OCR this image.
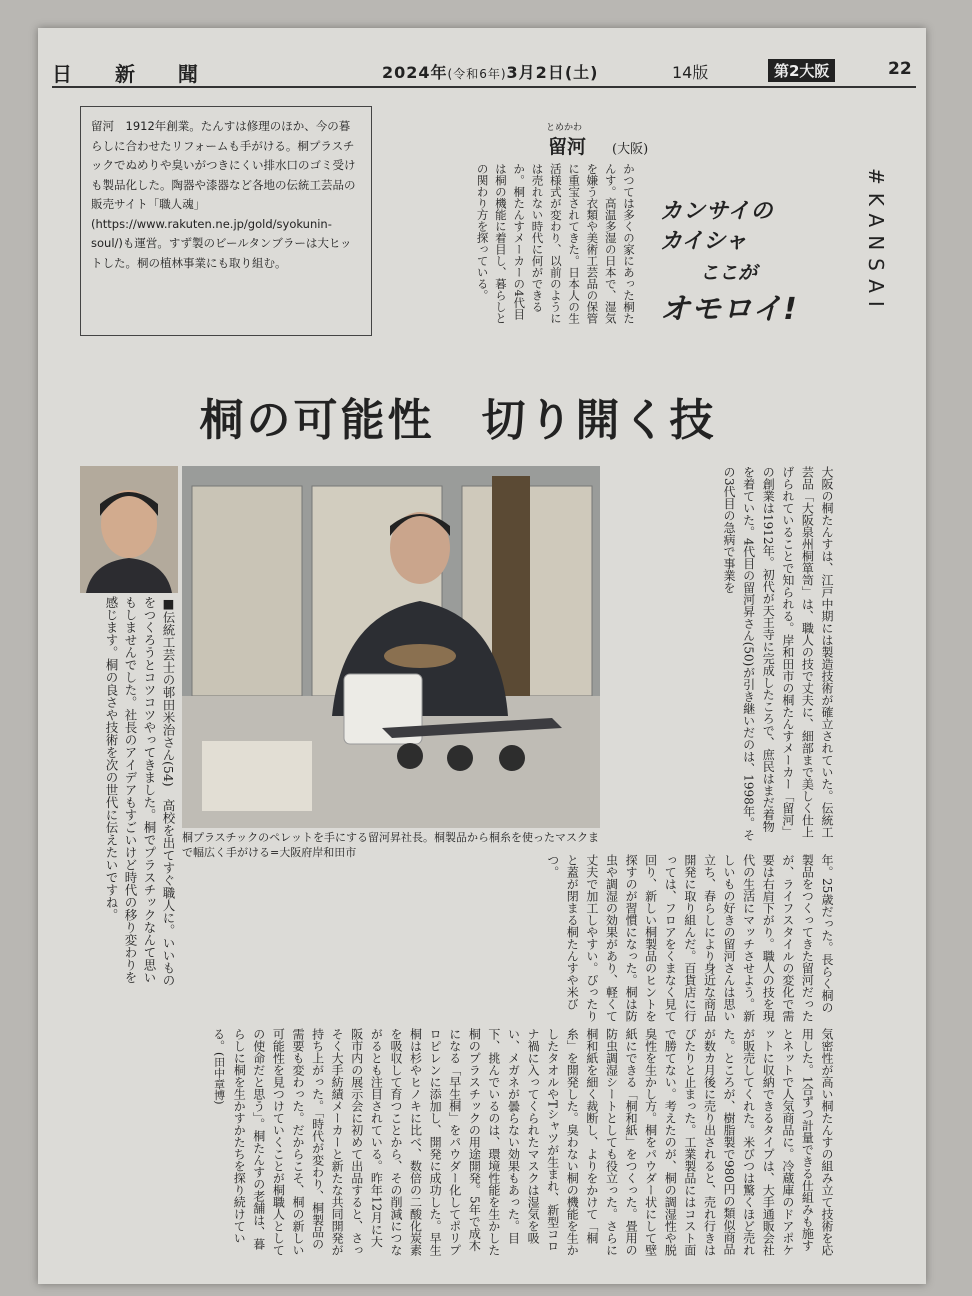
日 新 聞	2024年(令和6年)3月2日(土)	14版	第2大阪	22

留河　1912年創業。たんすは修理のほか、今の暮らしに合わせたリフォームも手がける。桐プラスチックでぬめりや臭いがつきにくい排水口のゴミ受けも製品化した。陶器や漆器など各地の伝統工芸品の販売サイト「職人魂」(https://www.rakuten.ne.jp/gold/syokunin-soul/)も運営。すず製のビールタンブラーは大ヒットした。桐の植林事業にも取り組む。

とめかわ
留河 (大阪)
かつては多くの家にあった桐たんす。高温多湿の日本で、湿気を嫌う衣類や美術工芸品の保管に重宝されてきた。日本人の生活様式が変わり、以前のようには売れない時代に何ができるか。桐たんすメーカーの4代目は桐の機能に着目し、暮らしとの関わり方を探っている。	カンサイの
カイシャ
ここが
オモロイ!	#KANSAI
桐の可能性　切り開く技
桐プラスチックのペレットを手にする留河昇社長。桐製品から桐糸を使ったマスクまで幅広く手がける=大阪府岸和田市
■伝統工芸士の邨田米治さん(54)　高校を出てすぐ職人に。いいものをつくろうとコツコツやってきました。桐でプラスチックなんて思いもしませんでした。社長のアイデアもすごいけど時代の移り変わりを感じます。桐の良さや技術を次の世代に伝えたいですね。	大阪の桐たんすは、江戸中期には製造技術が確立されていた。伝統工芸品「大阪泉州桐箪笥」は、職人の技で丈夫に、細部まで美しく仕上げられていることで知られる。岸和田市の桐たんすメーカー「留河」の創業は1912年。初代が天王寺に完成したころで、庶民はまだ着物を着ていた。4代目の留河昇さん(50)が引き継いだのは、1998年。その3代目の急病で事業を
年。25歳だった。長らく桐の製品をつくってきた留河だったが、ライフスタイルの変化で需要は右肩下がり。職人の技を現代の生活にマッチさせよう。新しいもの好きの留河さんは思い立ち、春らしにより身近な商品開発に取り組んだ。百貨店に行っては、フロアをくまなく見て回り、新しい桐製品のヒントを探すのが習慣になった。桐は防虫や調湿の効果があり、軽くて丈夫で加工しやすい。ぴったりと蓋が閉まる桐たんすや米びつ。
気密性が高い桐たんすの組み立て技術を応用した。1合ずつ計量できる仕組みも施すとネットで人気商品に。冷蔵庫のドアポケットに収納できるタイプは、大手通販会社が販売してくれた。米びつは驚くほど売れた。ところが、樹脂製で980円の類似商品が数カ月後に売り出されると、売れ行きはぴたりと止まった。工業製品にはコスト面で勝てない。考えたのが、桐の調湿性や脱臭性を生かし方。桐をパウダー状にして壁紙にできる「桐和紙」をつくった。畳用の防虫調湿シートとしても役立った。さらに桐和紙を細く裁断し、よりをかけて「桐糸」を開発した。臭わない桐の機能を生かしたタオルやTシャツが生まれ、新型コロナ禍に入ってくられたマスクは湿気を吸い、メガネが曇らない効果もあった。目下、挑んでいるのは、環境性能を生かした桐のプラスチックの用途開発。5年で成木になる「早生桐」をパウダー化してポリプロピレンに添加し、開発に成功した。早生桐は杉やヒノキに比べ、数倍の二酸化炭素を吸収して育つことから、その削減につながるとも注目されている。昨年12月に大阪市内の展示会に初めて出品すると、さっそく大手紡績メーカーと新たな共同開発が持ち上がった。「時代が変わり、桐製品の需要も変わった。だからこそ、桐の新しい可能性を見つけていくことが桐職人としての使命だと思う」。桐たんすの老舗は、暮らしに桐を生かすかたちを探り続けている。(田中章博)
